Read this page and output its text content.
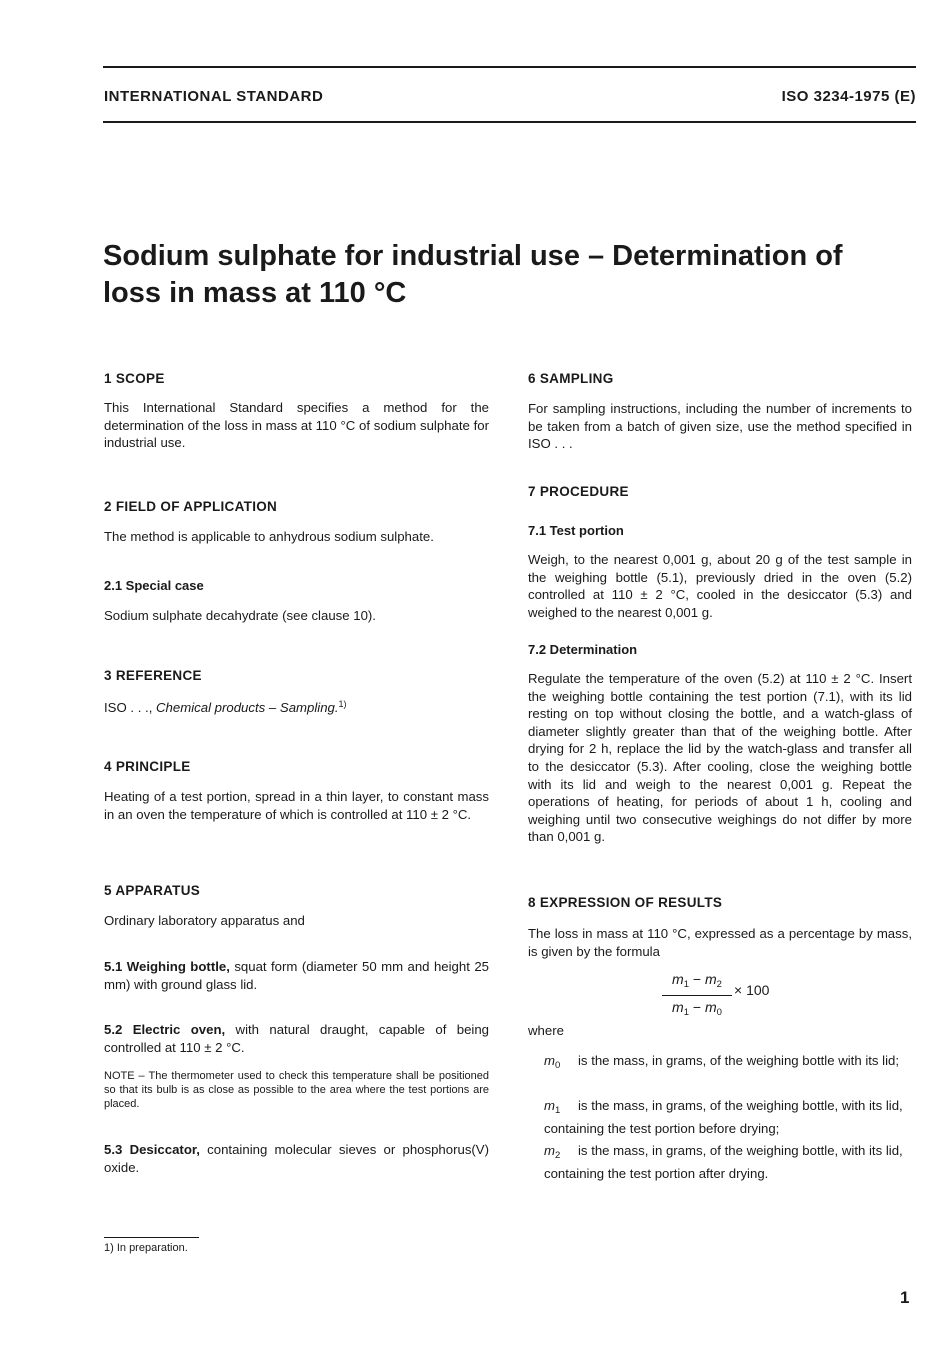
INTERNATIONAL STANDARD	ISO 3234-1975 (E)
Sodium sulphate for industrial use – Determination of
loss in mass at 110 °C

1 SCOPE

This International Standard specifies a method for the determination of the loss in mass at 110 °C of sodium sulphate for industrial use.

2 FIELD OF APPLICATION

The method is applicable to anhydrous sodium sulphate.

2.1 Special case

Sodium sulphate decahydrate (see clause 10).

3 REFERENCE

ISO . . ., Chemical products – Sampling.$^{1)}$

4 PRINCIPLE

Heating of a test portion, spread in a thin layer, to constant mass in an oven the temperature of which is controlled at 110 ± 2 °C.

5 APPARATUS

Ordinary laboratory apparatus and

5.1 Weighing bottle, squat form (diameter 50 mm and height 25 mm) with ground glass lid.

5.2 Electric oven, with natural draught, capable of being controlled at 110 ± 2 °C.

NOTE – The thermometer used to check this temperature shall be positioned so that its bulb is as close as possible to the area where the test portions are placed.

5.3 Desiccator, containing molecular sieves or phosphorus(V) oxide.

6 SAMPLING

For sampling instructions, including the number of increments to be taken from a batch of given size, use the method specified in ISO . . .

7 PROCEDURE

7.1 Test portion

Weigh, to the nearest 0,001 g, about 20 g of the test sample in the weighing bottle (5.1), previously dried in the oven (5.2) controlled at 110 ± 2 °C, cooled in the desiccator (5.3) and weighed to the nearest 0,001 g.

7.2 Determination

Regulate the temperature of the oven (5.2) at 110 ± 2 °C. Insert the weighing bottle containing the test portion (7.1), with its lid resting on top without closing the bottle, and a watch-glass of diameter slightly greater than that of the weighing bottle. After drying for 2 h, replace the lid by the watch-glass and transfer all to the desiccator (5.3). After cooling, close the weighing bottle with its lid and weigh to the nearest 0,001 g. Repeat the operations of heating, for periods of about 1 h, cooling and weighing until two consecutive weighings do not differ by more than 0,001 g.

8 EXPRESSION OF RESULTS

The loss in mass at 110 °C, expressed as a percentage by mass, is given by the formula

$m_1 - m_2$
$m_1 - m_0$
× 100

where

$m_0$ is the mass, in grams, of the weighing bottle with its lid;

$m_1$ is the mass, in grams, of the weighing bottle, with its lid, containing the test portion before drying;

$m_2$ is the mass, in grams, of the weighing bottle, with its lid, containing the test portion after drying.

1) In preparation.
1
